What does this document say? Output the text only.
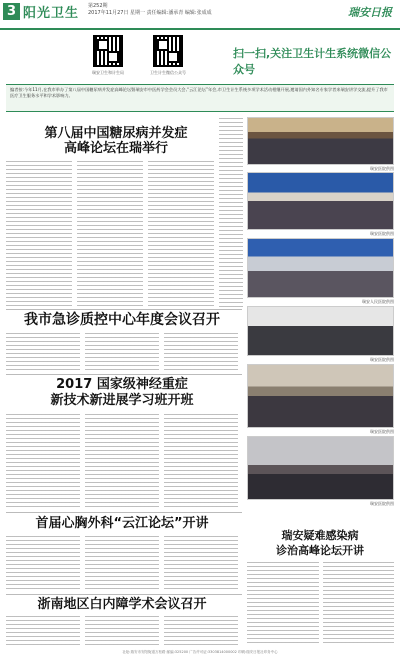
3 阳光卫生 第252期
2017年11月27日 星期一 责任编辑:潘承青 编辑:张成成	瑞安日报
瑞安卫生和计生局	卫生计生微信公众号
扫一扫,关注卫生计生系统微信公众号
编者按:今年11月,在我市举办了第八届中国糖尿病并发症高峰论坛暨瑞安市中医药学会会员大会,“云江论坛”年会,市卫生计生系统多项学术活动相继开展,邀请国内外知名专家学者来瑞安讲学交流,提升了我市医疗卫生服务水平和学术影响力。
第八届中国糖尿病并发症
高峰论坛在瑞举行
瑞安医院供图
瑞安医院供图
瑞安人民医院供图
瑞安医院供图
瑞安医院供图
瑞安医院供图
我市急诊质控中心年度会议召开
2017 国家级神经重症
新技术新进展学习班开班
首届心胸外科“云江论坛”开讲
浙南地区白内障学术会议召开
瑞安疑难感染病
诊治高峰论坛开讲
社址:瑞安市安阳街道万松路 邮编:325200 广告许可证:3303814000002 印刷:瑞安日报社印务中心
